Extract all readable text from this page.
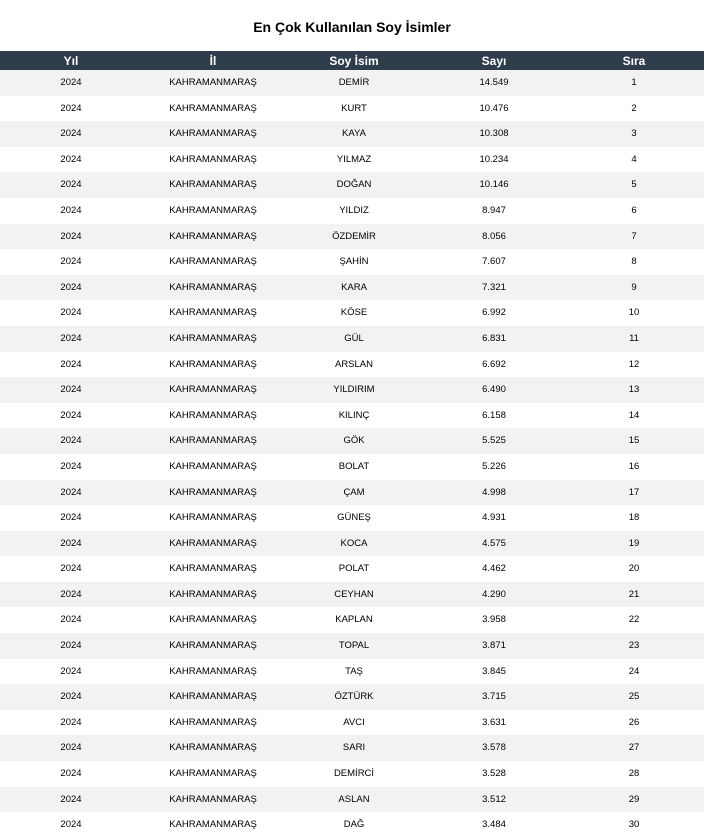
En Çok Kullanılan Soy İsimler
Yıl	İl	Soy İsim	Sayı	Sıra
2024	KAHRAMANMARAŞ	DEMİR	14.549	1
2024	KAHRAMANMARAŞ	KURT	10.476	2
2024	KAHRAMANMARAŞ	KAYA	10.308	3
2024	KAHRAMANMARAŞ	YILMAZ	10.234	4
2024	KAHRAMANMARAŞ	DOĞAN	10.146	5
2024	KAHRAMANMARAŞ	YILDIZ	8.947	6
2024	KAHRAMANMARAŞ	ÖZDEMİR	8.056	7
2024	KAHRAMANMARAŞ	ŞAHİN	7.607	8
2024	KAHRAMANMARAŞ	KARA	7.321	9
2024	KAHRAMANMARAŞ	KÖSE	6.992	10
2024	KAHRAMANMARAŞ	GÜL	6.831	11
2024	KAHRAMANMARAŞ	ARSLAN	6.692	12
2024	KAHRAMANMARAŞ	YILDIRIM	6.490	13
2024	KAHRAMANMARAŞ	KILINÇ	6.158	14
2024	KAHRAMANMARAŞ	GÖK	5.525	15
2024	KAHRAMANMARAŞ	BOLAT	5.226	16
2024	KAHRAMANMARAŞ	ÇAM	4.998	17
2024	KAHRAMANMARAŞ	GÜNEŞ	4.931	18
2024	KAHRAMANMARAŞ	KOCA	4.575	19
2024	KAHRAMANMARAŞ	POLAT	4.462	20
2024	KAHRAMANMARAŞ	CEYHAN	4.290	21
2024	KAHRAMANMARAŞ	KAPLAN	3.958	22
2024	KAHRAMANMARAŞ	TOPAL	3.871	23
2024	KAHRAMANMARAŞ	TAŞ	3.845	24
2024	KAHRAMANMARAŞ	ÖZTÜRK	3.715	25
2024	KAHRAMANMARAŞ	AVCI	3.631	26
2024	KAHRAMANMARAŞ	SARI	3.578	27
2024	KAHRAMANMARAŞ	DEMİRCİ	3.528	28
2024	KAHRAMANMARAŞ	ASLAN	3.512	29
2024	KAHRAMANMARAŞ	DAĞ	3.484	30
